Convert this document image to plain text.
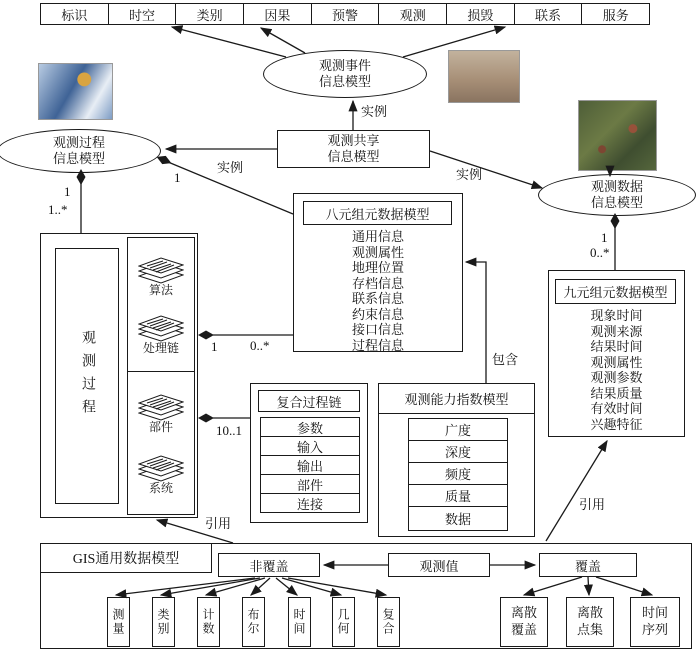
标识	时空	类别	因果	预警	观测	损毁	联系	服务
观测事件
信息模型
观测过程
信息模型
观测数据
信息模型
观测共享
信息模型
八元组元数据模型
通用信息
观测属性
地理位置
存档信息
联系信息
约束信息
接口信息
过程信息
九元组元数据模型
现象时间
观测来源
结果时间
观测属性
观测参数
结果质量
有效时间
兴趣特征
观测过程
算法
处理链
部件
系统
复合过程链
参数
输入
输出
部件
连接
观测能力指数模型
广度
深度
频度
质量
数据
GIS通用数据模型	非覆盖	观测值	覆盖
测量	类别	计数	布尔	时间	几何	复合	离散覆盖
离散点集
时间序列
实例
1
实例	实例
1
1..*
1	0..*
1
0..*
10..1
包含
引用
引用
